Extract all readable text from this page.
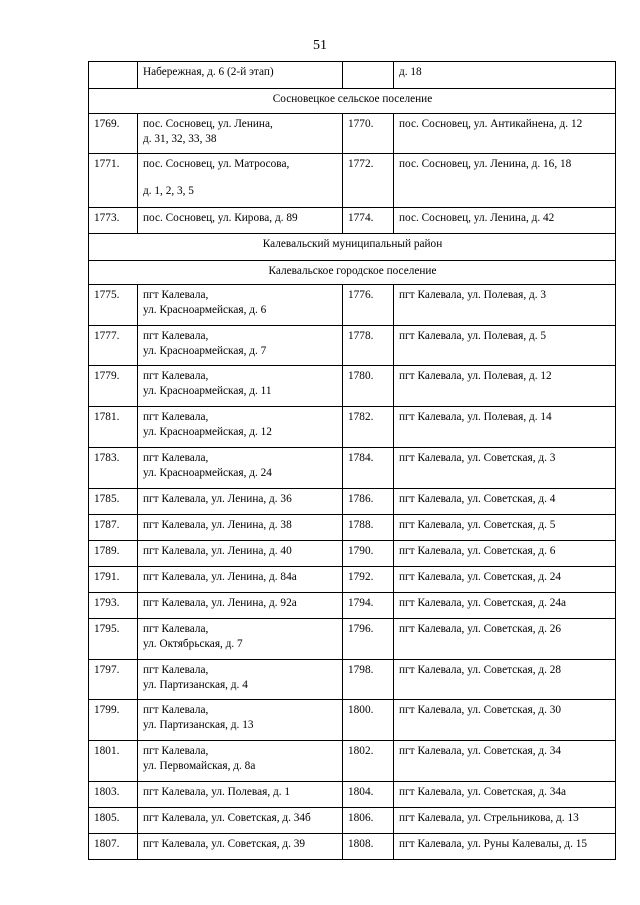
51

	Набережная, д. 6 (2-й этап)		д. 18

Сосновецкое сельское поселение			
1769.	пос. Сосновец, ул. Ленина,
д. 31, 32, 33, 38	1770.	пос. Сосновец, ул. Антикайнена, д. 12

1771.	пос. Сосновец, ул. Матросова,
д. 1, 2, 3, 5	1772.	пос. Сосновец, ул. Ленина, д. 16, 18

1773.	пос. Сосновец, ул. Кирова, д. 89	1774.	пос. Сосновец, ул. Ленина, д. 42

Калевальский муниципальный район			
Калевальское городское поселение			
1775.	пгт Калевала,
ул. Красноармейская, д. 6	1776.	пгт Калевала, ул. Полевая, д. 3

1777.	пгт Калевала,
ул. Красноармейская, д. 7	1778.	пгт Калевала, ул. Полевая, д. 5

1779.	пгт Калевала,
ул. Красноармейская, д. 11	1780.	пгт Калевала, ул. Полевая, д. 12

1781.	пгт Калевала,
ул. Красноармейская, д. 12	1782.	пгт Калевала, ул. Полевая, д. 14

1783.	пгт Калевала,
ул. Красноармейская, д. 24	1784.	пгт Калевала, ул. Советская, д. 3

1785.	пгт Калевала, ул. Ленина, д. 36	1786.	пгт Калевала, ул. Советская, д. 4

1787.	пгт Калевала, ул. Ленина, д. 38	1788.	пгт Калевала, ул. Советская, д. 5

1789.	пгт Калевала, ул. Ленина, д. 40	1790.	пгт Калевала, ул. Советская, д. 6

1791.	пгт Калевала, ул. Ленина, д. 84а	1792.	пгт Калевала, ул. Советская, д. 24

1793.	пгт Калевала, ул. Ленина, д. 92а	1794.	пгт Калевала, ул. Советская, д. 24а

1795.	пгт Калевала,
ул. Октябрьская, д. 7	1796.	пгт Калевала, ул. Советская, д. 26

1797.	пгт Калевала,
ул. Партизанская, д. 4	1798.	пгт Калевала, ул. Советская, д. 28

1799.	пгт Калевала,
ул. Партизанская, д. 13	1800.	пгт Калевала, ул. Советская, д. 30

1801.	пгт Калевала,
ул. Первомайская, д. 8а	1802.	пгт Калевала, ул. Советская, д. 34

1803.	пгт Калевала, ул. Полевая, д. 1	1804.	пгт Калевала, ул. Советская, д. 34а

1805.	пгт Калевала, ул. Советская, д. 34б	1806.	пгт Калевала, ул. Стрельникова, д. 13

1807.	пгт Калевала, ул. Советская, д. 39	1808.	пгт Калевала, ул. Руны Калевалы, д. 15
